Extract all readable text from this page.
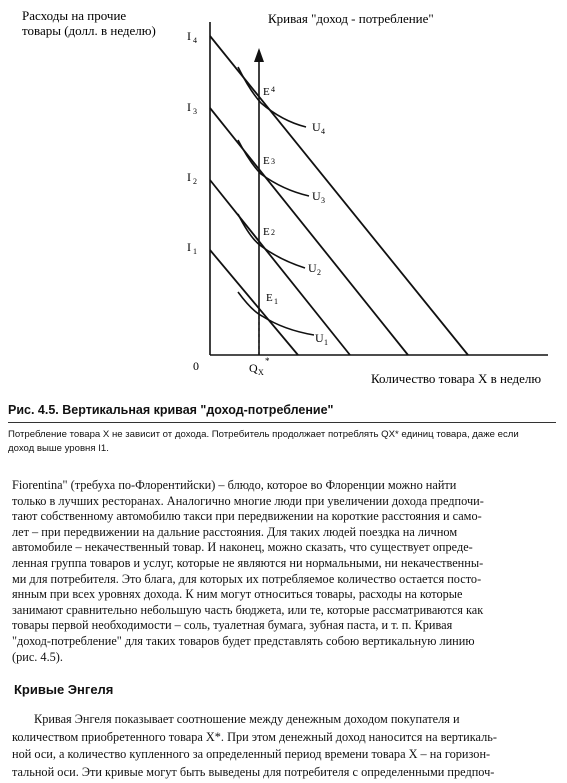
Расходы на прочие
товары (долл. в неделю)
Кривая "доход - потребление"
0	Q X
*
Количество товара X в неделю
I 4
I 3
I 2
I 1
U 4
U 3
U 2
U 1
E 4
E 3
E 2
E 1
Рис. 4.5. Вертикальная кривая "доход-потребление"
Потребление товара X не зависит от дохода. Потребитель продолжает потреблять QX* единиц товара, даже если
доход выше уровня I1.
Fiorentina" (требуха по-Флорентийски) – блюдо, которое во Флоренции можно найти
только в лучших ресторанах. Аналогично многие люди при увеличении дохода предпочи-
тают собственному автомобилю такси при передвижении на короткие расстояния и само-
лет – при передвижении на дальние расстояния. Для таких людей поездка на личном
автомобиле – некачественный товар. И наконец, можно сказать, что существует опреде-
ленная группа товаров и услуг, которые не являются ни нормальными, ни некачественны-
ми для потребителя. Это блага, для которых их потребляемое количество остается посто-
янным при всех уровнях дохода. К ним могут относиться товары, расходы на которые
занимают сравнительно небольшую часть бюджета, или те, которые рассматриваются как
товары первой необходимости – соль, туалетная бумага, зубная паста, и т. п. Кривая
"доход-потребление" для таких товаров будет представлять собою вертикальную линию
(рис. 4.5).
Кривые Энгеля
Кривая Энгеля показывает соотношение между денежным доходом покупателя и
количеством приобретенного товара X*. При этом денежный доход наносится на вертикаль-
ной оси, а количество купленного за определенный период времени товара X – на горизон-
тальной оси. Эти кривые могут быть выведены для потребителя с определенными предпоч-
